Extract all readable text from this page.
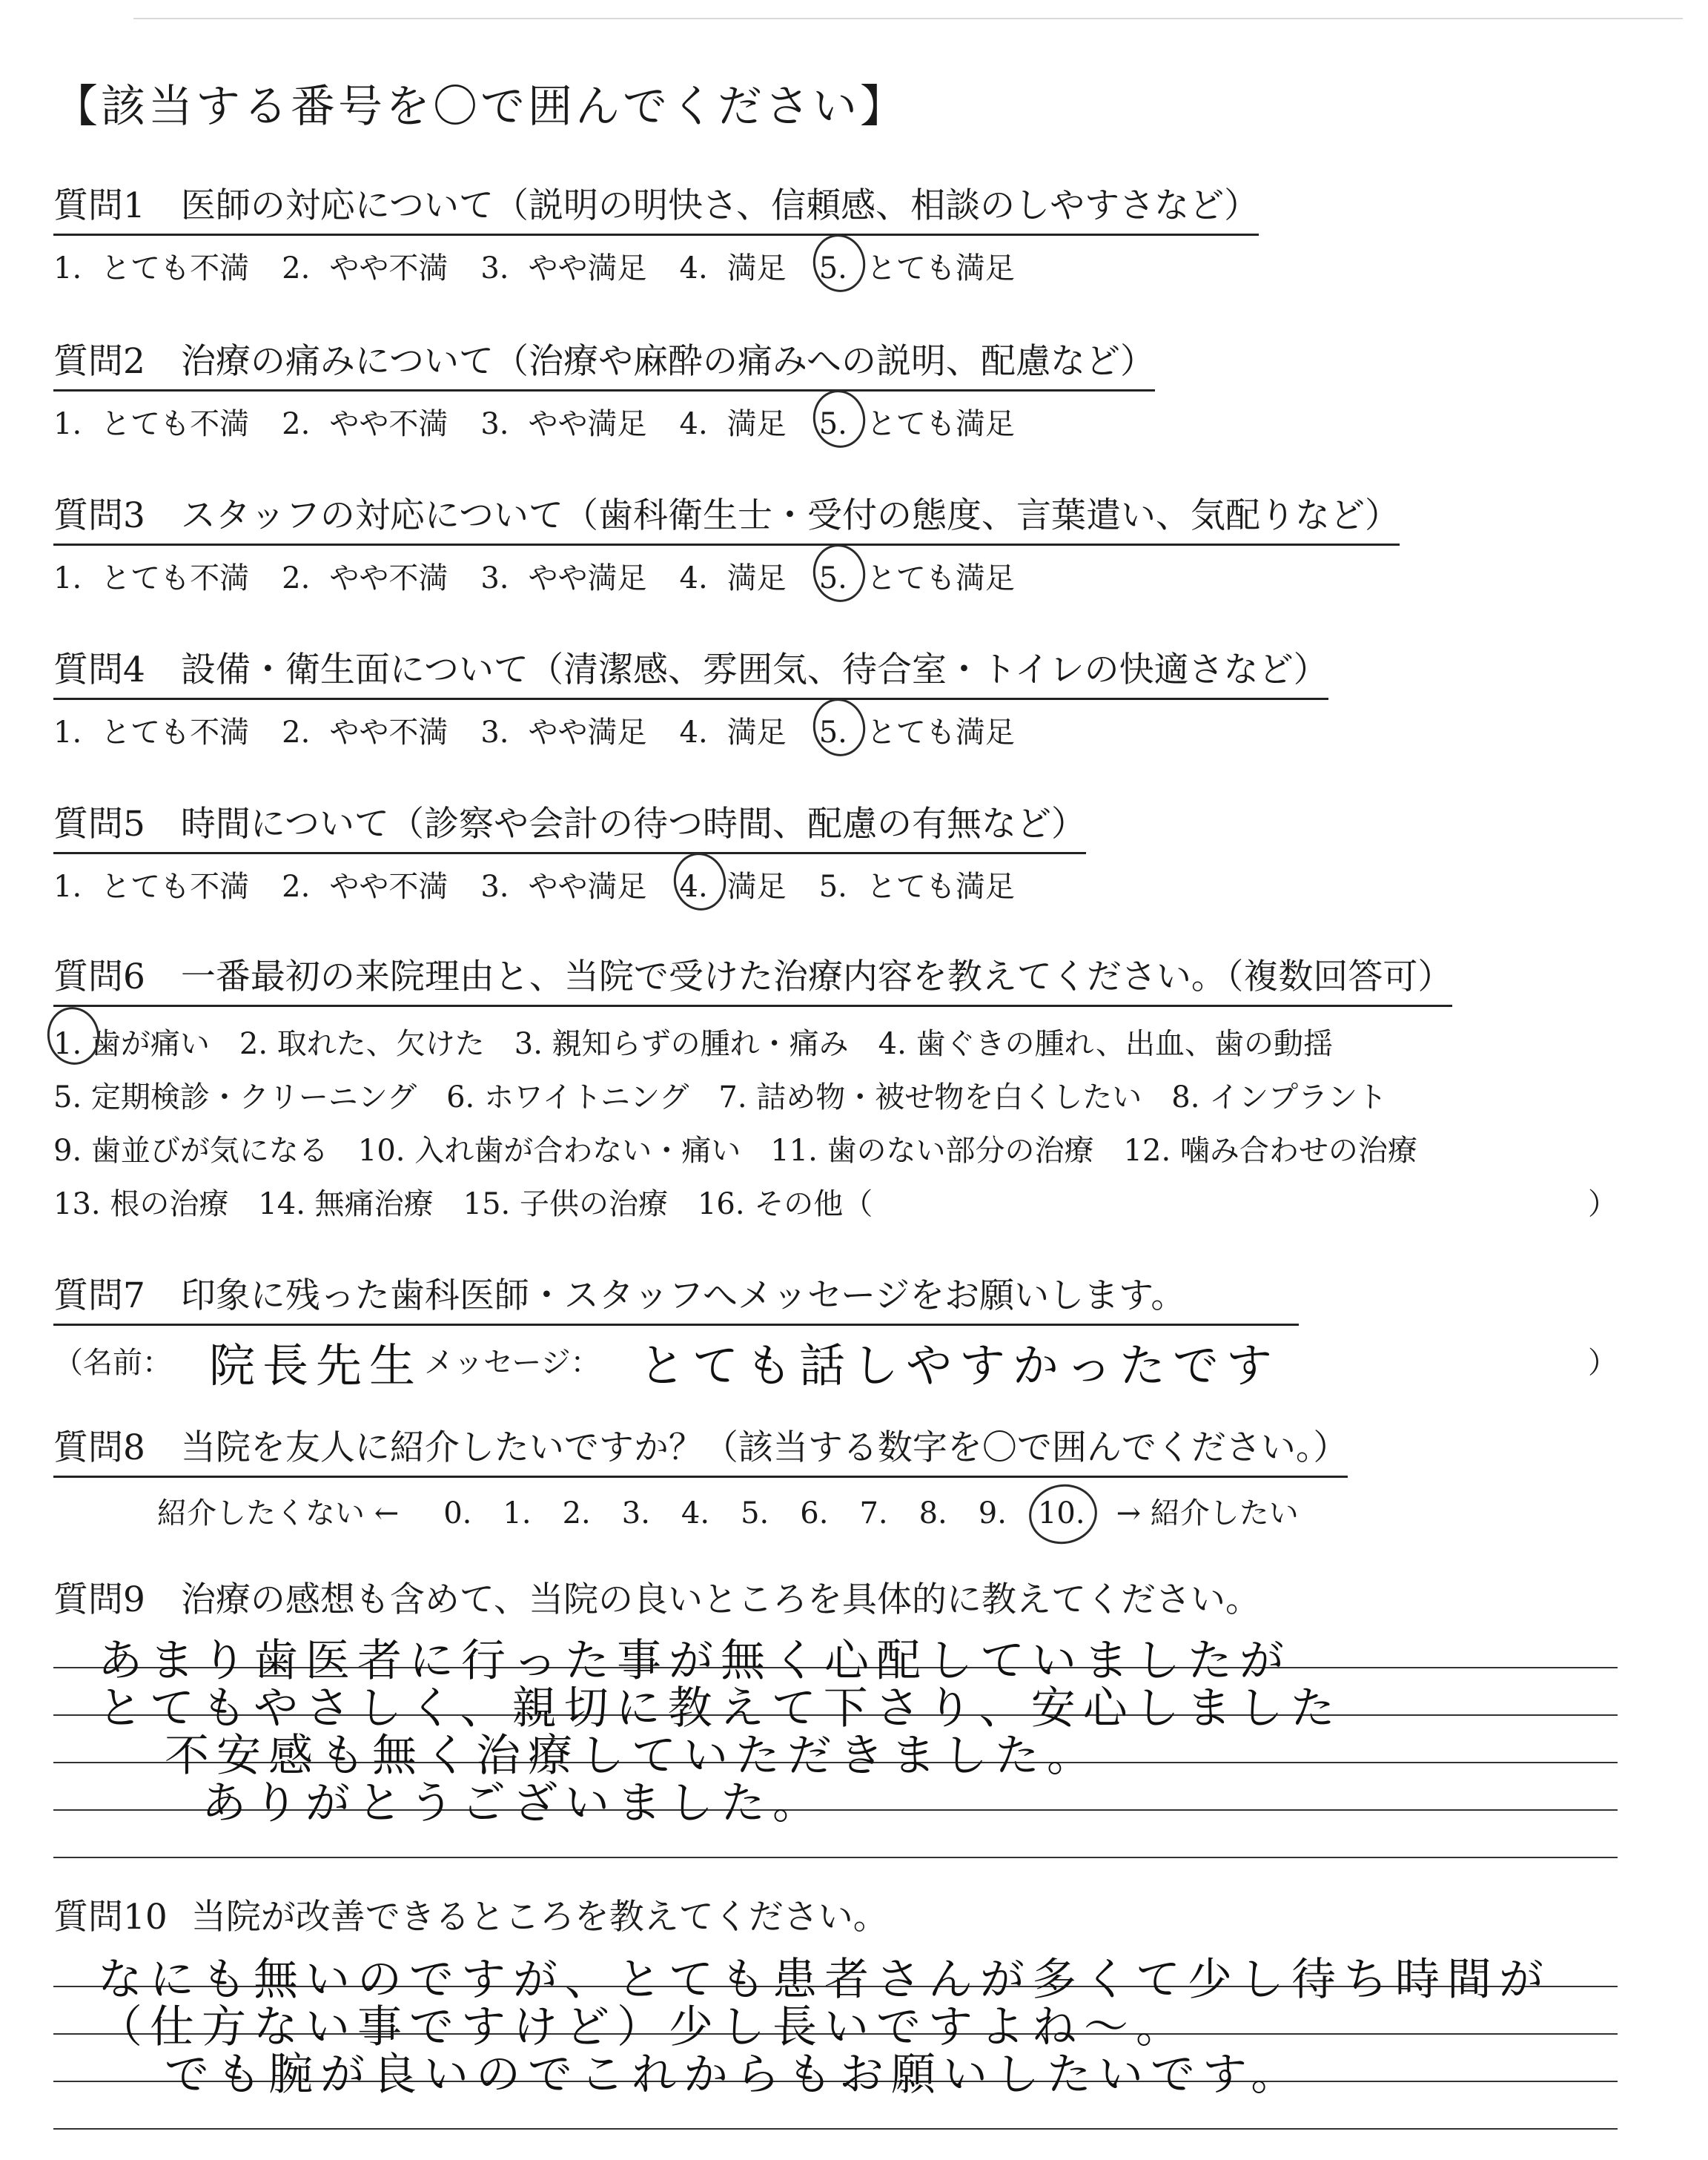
【該当する番号を〇で囲んでください】
質問1 医師の対応について（説明の明快さ、信頼感、相談のしやすさなど）
1. とても不満 2. やや不満 3. やや満足 4. 満足 5. とても満足
質問2 治療の痛みについて（治療や麻酔の痛みへの説明、配慮など）
1. とても不満 2. やや不満 3. やや満足 4. 満足 5. とても満足
質問3 スタッフの対応について（歯科衛生士・受付の態度、言葉遣い、気配りなど）
1. とても不満 2. やや不満 3. やや満足 4. 満足 5. とても満足
質問4 設備・衛生面について（清潔感、雰囲気、待合室・トイレの快適さなど）
1. とても不満 2. やや不満 3. やや満足 4. 満足 5. とても満足
質問5 時間について（診察や会計の待つ時間、配慮の有無など）
1. とても不満 2. やや不満 3. やや満足 4. 満足 5. とても満足
質問6 一番最初の来院理由と、当院で受けた治療内容を教えてください。（複数回答可）
1. 歯が痛い 2. 取れた、欠けた 3. 親知らずの腫れ・痛み 4. 歯ぐきの腫れ、出血、歯の動揺
5. 定期検診・クリーニング 6. ホワイトニング 7. 詰め物・被せ物を白くしたい 8. インプラント
9. 歯並びが気になる 10. 入れ歯が合わない・痛い 11. 歯のない部分の治療 12. 噛み合わせの治療
13. 根の治療 14. 無痛治療 15. 子供の治療 16. その他（	）
質問7 印象に残った歯科医師・スタッフへメッセージをお願いします。
（名前： 院長先生 メッセージ： とても話しやすかったです	）
質問8 当院を友人に紹介したいですか？（該当する数字を〇で囲んでください。）
紹介したくない ← 0. 1. 2. 3. 4. 5. 6. 7. 8. 9. 10. → 紹介したい
質問9 治療の感想も含めて、当院の良いところを具体的に教えてください。
あまり歯医者に行った事が無く心配していましたが
とてもやさしく、親切に教えて下さり、安心しました
不安感も無く治療していただきました。
ありがとうございました。
質問10 当院が改善できるところを教えてください。
なにも無いのですが、とても患者さんが多くて少し待ち時間が
（仕方ない事ですけど）少し長いですよね〜。
でも腕が良いのでこれからもお願いしたいです。
